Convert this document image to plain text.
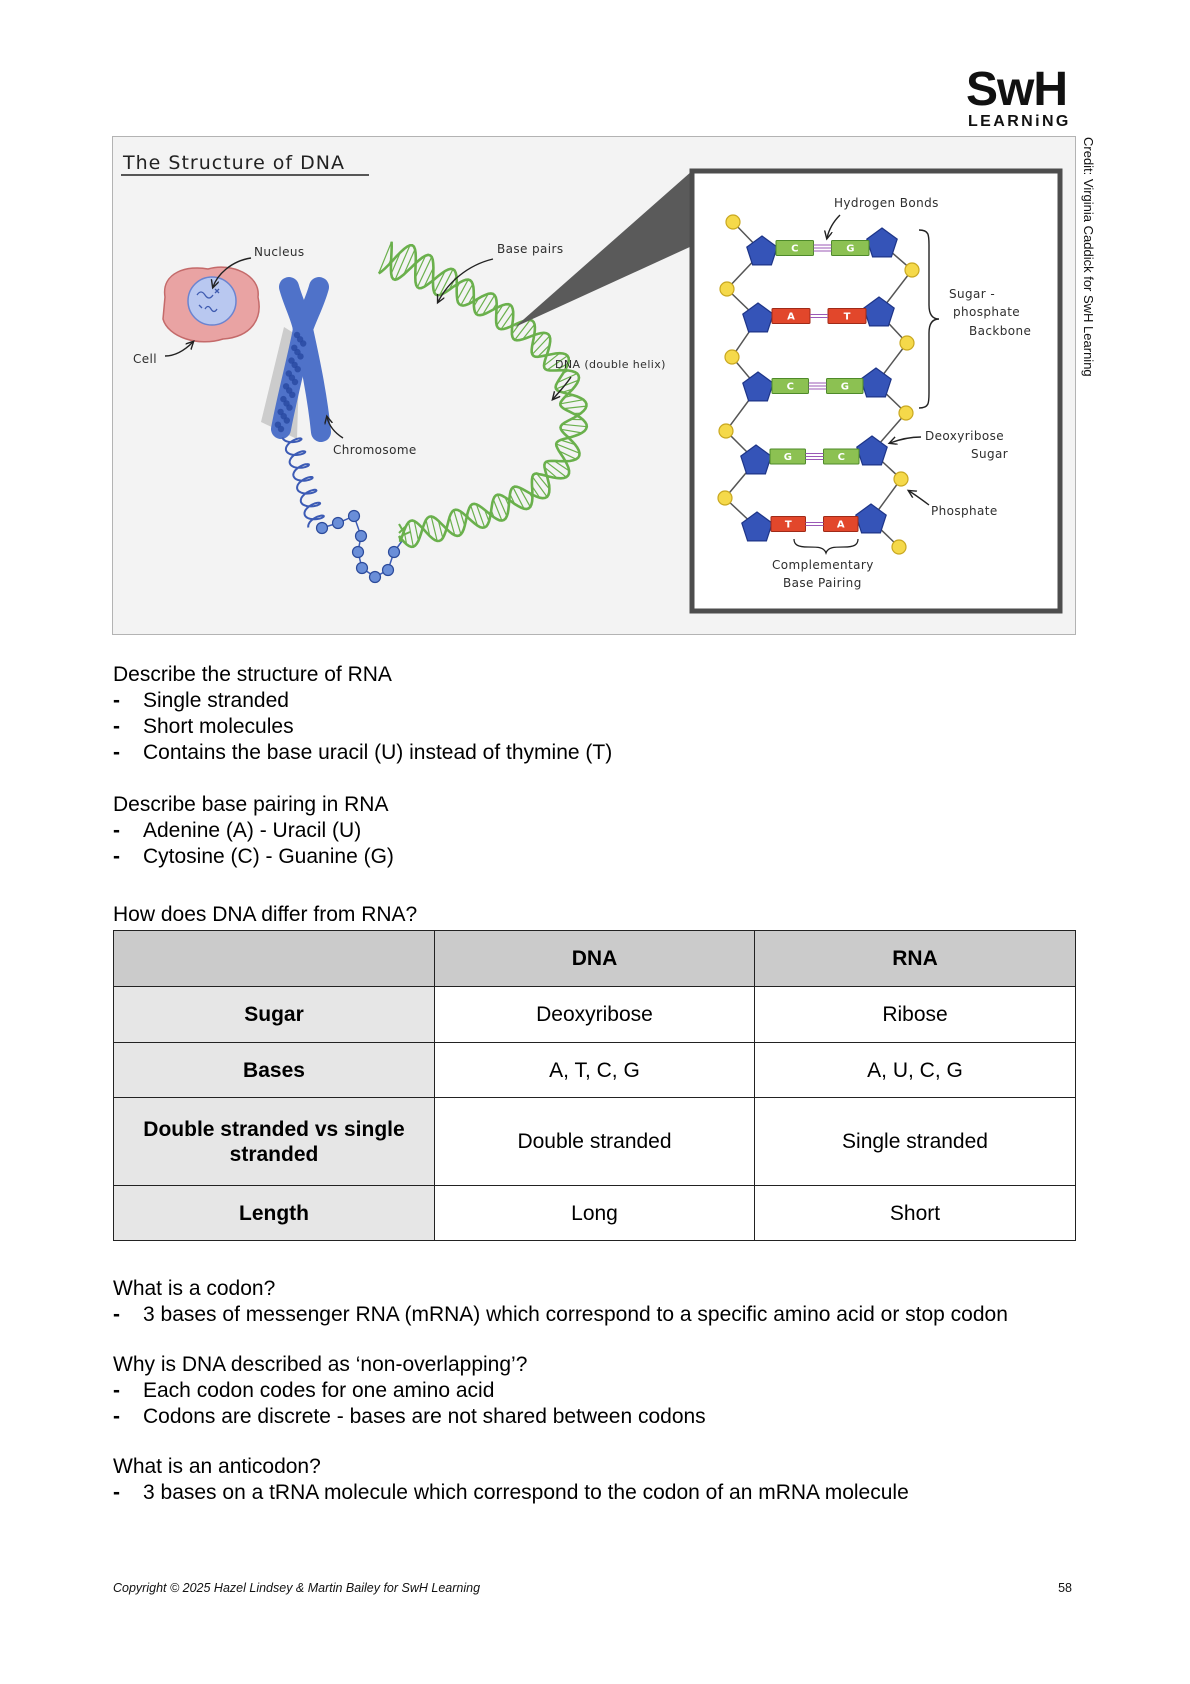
SwH
LEARNiNG
Credit: Virginia Caddick for SwH Learning
The Structure of DNA
Nucleus
Cell
Chromosome
Base pairs
DNA (double helix)
C	G
A	T
C	G
G	C
T	A
Hydrogen Bonds
Sugar -
phosphate
Backbone
Deoxyribose
Sugar
Phosphate
Complementary
Base Pairing
Describe the structure of RNA
- Single stranded
- Short molecules
- Contains the base uracil (U) instead of thymine (T)
Describe base pairing in RNA
- Adenine (A) - Uracil (U)
- Cytosine (C) - Guanine (G)
How does DNA differ from RNA?
	DNA	RNA
Sugar	Deoxyribose	Ribose
Bases	A, T, C, G	A, U, C, G
Double stranded vs single stranded	Double stranded	Single stranded
Length	Long	Short
What is a codon?
- 3 bases of messenger RNA (mRNA) which correspond to a specific amino acid or stop codon
Why is DNA described as ‘non-overlapping’?
- Each codon codes for one amino acid
- Codons are discrete - bases are not shared between codons
What is an anticodon?
- 3 bases on a tRNA molecule which correspond to the codon of an mRNA molecule
Copyright © 2025 Hazel Lindsey & Martin Bailey for SwH Learning	58
